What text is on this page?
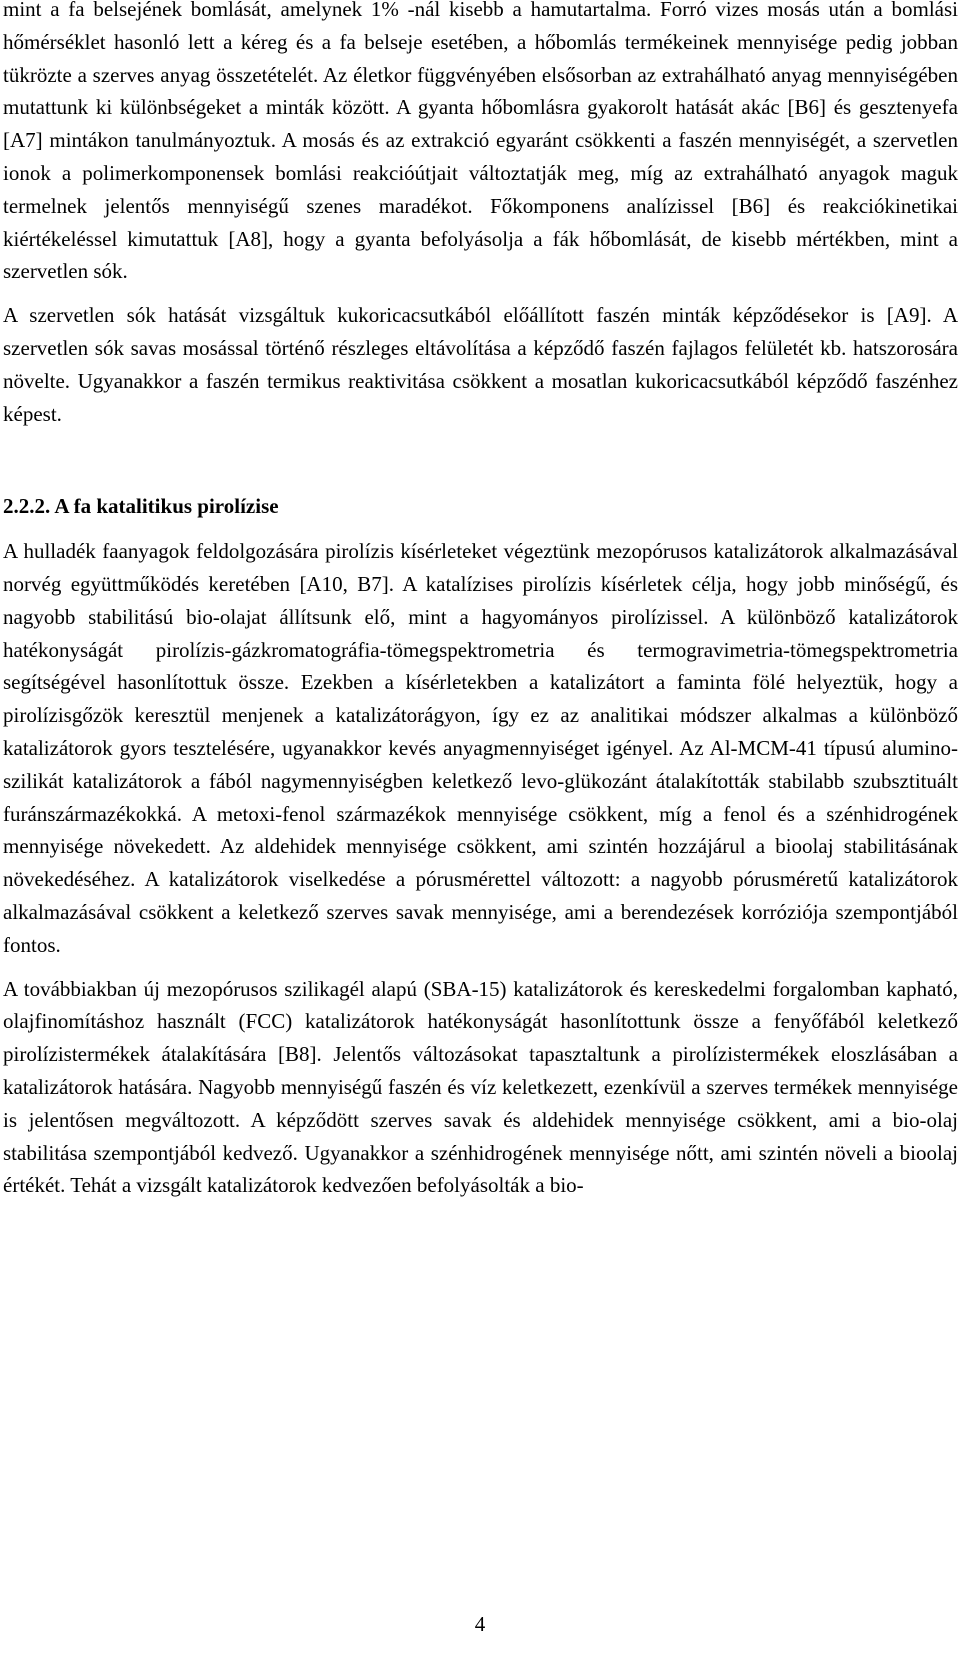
mint a fa belsejének bomlását, amelynek 1% -nál kisebb a hamutartalma. Forró vizes mosás után a bomlási hőmérséklet hasonló lett a kéreg és a fa belseje esetében, a hőbomlás termékeinek mennyisége pedig jobban tükrözte a szerves anyag összetételét. Az életkor függvényében elsősorban az extrahálható anyag mennyiségében mutattunk ki különbségeket a minták között. A gyanta hőbomlásra gyakorolt hatását akác [B6] és gesztenyefa [A7] mintákon tanulmányoztuk. A mosás és az extrakció egyaránt csökkenti a faszén mennyiségét, a szervetlen ionok a polimerkomponensek bomlási reakcióútjait változtatják meg, míg az extrahálható anyagok maguk termelnek jelentős mennyiségű szenes maradékot. Főkomponens analízissel [B6] és reakciókinetikai kiértékeléssel kimutattuk [A8], hogy a gyanta befolyásolja a fák hőbomlását, de kisebb mértékben, mint a szervetlen sók.

A szervetlen sók hatását vizsgáltuk kukoricacsutkából előállított faszén minták képződésekor is [A9]. A szervetlen sók savas mosással történő részleges eltávolítása a képződő faszén fajlagos felületét kb. hatszorosára növelte. Ugyanakkor a faszén termikus reaktivitása csökkent a mosatlan kukoricacsutkából képződő faszénhez képest.

2.2.2. A fa katalitikus pirolízise

A hulladék faanyagok feldolgozására pirolízis kísérleteket végeztünk mezopórusos katalizátorok alkalmazásával norvég együttműködés keretében [A10, B7]. A katalízises pirolízis kísérletek célja, hogy jobb minőségű, és nagyobb stabilitású bio-olajat állítsunk elő, mint a hagyományos pirolízissel. A különböző katalizátorok hatékonyságát pirolízis-gázkromatográfia-tömegspektrometria és termogravimetria-tömegspektrometria segítségével hasonlítottuk össze. Ezekben a kísérletekben a katalizátort a faminta fölé helyeztük, hogy a pirolízisgőzök keresztül menjenek a katalizátorágyon, így ez az analitikai módszer alkalmas a különböző katalizátorok gyors tesztelésére, ugyanakkor kevés anyagmennyiséget igényel. Az Al-MCM-41 típusú alumino-szilikát katalizátorok a fából nagymennyiségben keletkező levo-glükozánt átalakították stabilabb szubsztituált furánszármazékokká. A metoxi-fenol származékok mennyisége csökkent, míg a fenol és a szénhidrogének mennyisége növekedett. Az aldehidek mennyisége csökkent, ami szintén hozzájárul a bioolaj stabilitásának növekedéséhez. A katalizátorok viselkedése a pórusmérettel változott: a nagyobb pórusméretű katalizátorok alkalmazásával csökkent a keletkező szerves savak mennyisége, ami a berendezések korróziója szempontjából fontos.

A továbbiakban új mezopórusos szilikagél alapú (SBA-15) katalizátorok és kereskedelmi forgalomban kapható, olajfinomításhoz használt (FCC) katalizátorok hatékonyságát hasonlítottunk össze a fenyőfából keletkező pirolízistermékek átalakítására [B8]. Jelentős változásokat tapasztaltunk a pirolízistermékek eloszlásában a katalizátorok hatására. Nagyobb mennyiségű faszén és víz keletkezett, ezenkívül a szerves termékek mennyisége is jelentősen megváltozott. A képződött szerves savak és aldehidek mennyisége csökkent, ami a bio-olaj stabilitása szempontjából kedvező. Ugyanakkor a szénhidrogének mennyisége nőtt, ami szintén növeli a bioolaj értékét. Tehát a vizsgált katalizátorok kedvezően befolyásolták a bio-

4
